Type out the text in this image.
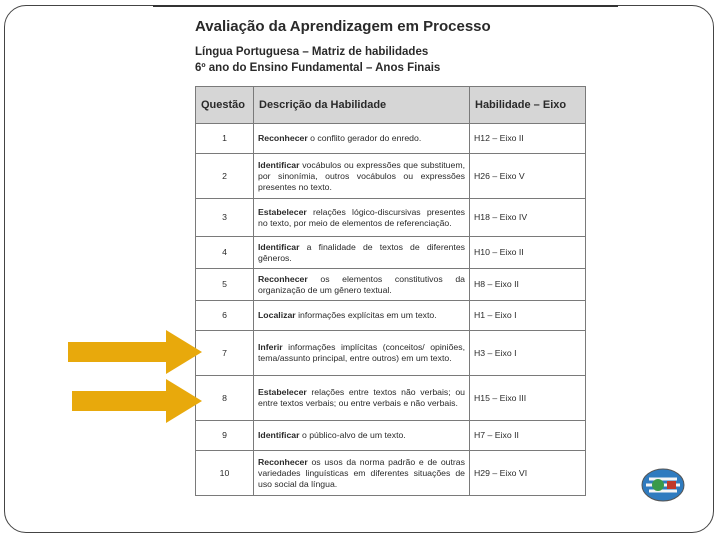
Avaliação da Aprendizagem em Processo
Língua Portuguesa – Matriz de habilidades
6º ano do Ensino Fundamental – Anos Finais
Questão	Descrição da Habilidade	Habilidade – Eixo
1	Reconhecer o conflito gerador do enredo.	H12 – Eixo II
2	Identificar vocábulos ou expressões que substituem, por sinonímia, outros vocábulos ou expressões presentes no texto.	H26 – Eixo V
3	Estabelecer relações lógico-discursivas presentes no texto, por meio de elementos de referenciação.	H18 – Eixo IV
4	Identificar a finalidade de textos de diferentes gêneros.	H10 – Eixo II
5	Reconhecer os elementos constitutivos da organização de um gênero textual.	H8 – Eixo II
6	Localizar informações explícitas em um texto.	H1 – Eixo I
7	Inferir informações implícitas (conceitos/ opiniões, tema/assunto principal, entre outros) em um texto.	H3 – Eixo I
8	Estabelecer relações entre textos não verbais; ou entre textos verbais; ou entre verbais e não verbais.	H15 – Eixo III
9	Identificar o público-alvo de um texto.	H7 – Eixo II
10	Reconhecer os usos da norma padrão e de outras variedades linguísticas em diferentes situações de uso social da língua.	H29 – Eixo VI
